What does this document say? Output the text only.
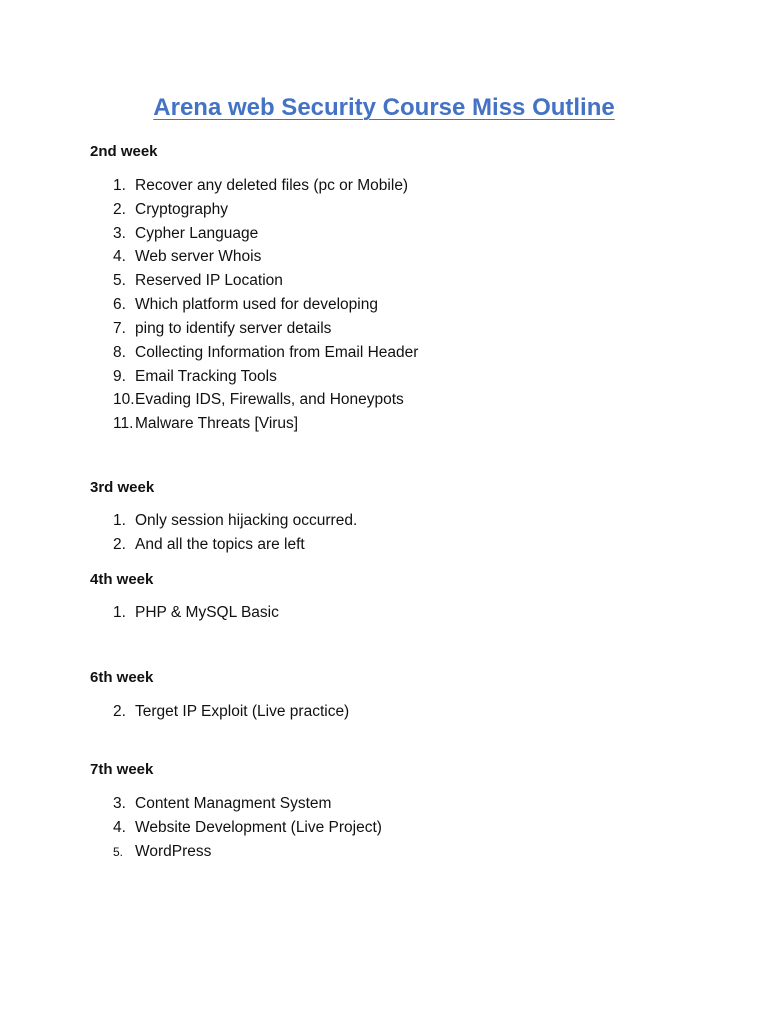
Arena web Security Course Miss Outline
2nd week
1. Recover any deleted files (pc or Mobile)
2. Cryptography
3. Cypher Language
4. Web server Whois
5. Reserved IP Location
6. Which platform used for developing
7. ping to identify server details
8. Collecting Information from Email Header
9. Email Tracking Tools
10.Evading IDS, Firewalls, and Honeypots
11. Malware Threats [Virus]
3rd week
1. Only session hijacking occurred.
2. And all the topics are left
4th week
1. PHP & MySQL Basic
6th week
2. Terget IP Exploit (Live practice)
7th week
3. Content Managment System
4. Website Development (Live Project)
5. WordPress
